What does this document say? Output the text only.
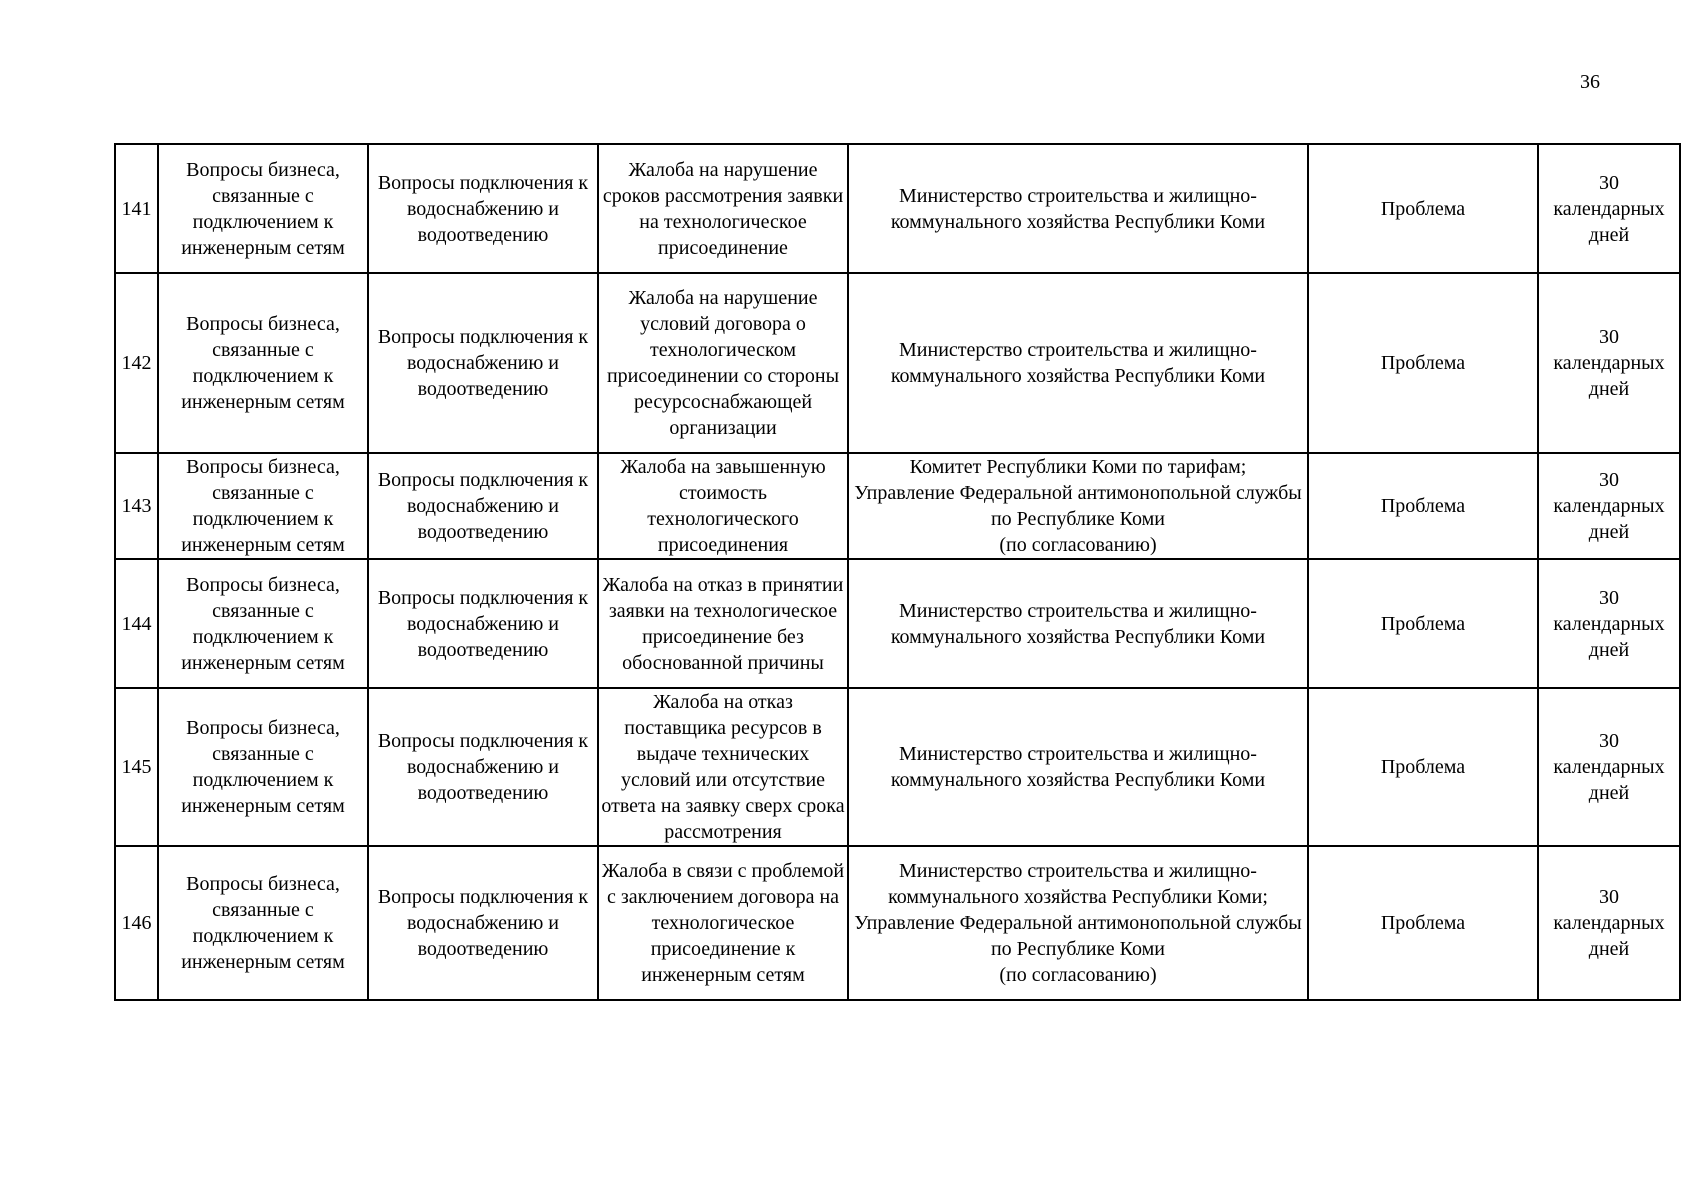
36
141	Вопросы бизнеса, связанные с подключением к инженерным сетям	Вопросы подключения к водоснабжению и водоотведению	Жалоба на нарушение сроков рассмотрения заявки на технологическое присоединение	Министерство строительства и жилищно-коммунального хозяйства Республики Коми	Проблема	30 календарных дней
142	Вопросы бизнеса, связанные с подключением к инженерным сетям	Вопросы подключения к водоснабжению и водоотведению	Жалоба на нарушение условий договора о технологическом присоединении со стороны ресурсоснабжающей организации	Министерство строительства и жилищно-коммунального хозяйства Республики Коми	Проблема	30 календарных дней
143	Вопросы бизнеса, связанные с подключением к инженерным сетям	Вопросы подключения к водоснабжению и водоотведению	Жалоба на завышенную стоимость технологического присоединения	Комитет Республики Коми по тарифам;
Управление Федеральной антимонопольной службы по Республике Коми
(по согласованию)	Проблема	30 календарных дней
144	Вопросы бизнеса, связанные с подключением к инженерным сетям	Вопросы подключения к водоснабжению и водоотведению	Жалоба на отказ в принятии заявки на технологическое присоединение без обоснованной причины	Министерство строительства и жилищно-коммунального хозяйства Республики Коми	Проблема	30 календарных дней
145	Вопросы бизнеса, связанные с подключением к инженерным сетям	Вопросы подключения к водоснабжению и водоотведению	Жалоба на отказ поставщика ресурсов в выдаче технических условий или отсутствие ответа на заявку сверх срока рассмотрения	Министерство строительства и жилищно-коммунального хозяйства Республики Коми	Проблема	30 календарных дней
146	Вопросы бизнеса, связанные с подключением к инженерным сетям	Вопросы подключения к водоснабжению и водоотведению	Жалоба в связи с проблемой с заключением договора на технологическое присоединение к инженерным сетям	Министерство строительства и жилищно-коммунального хозяйства Республики Коми;
Управление Федеральной антимонопольной службы по Республике Коми
(по согласованию)	Проблема	30 календарных дней
